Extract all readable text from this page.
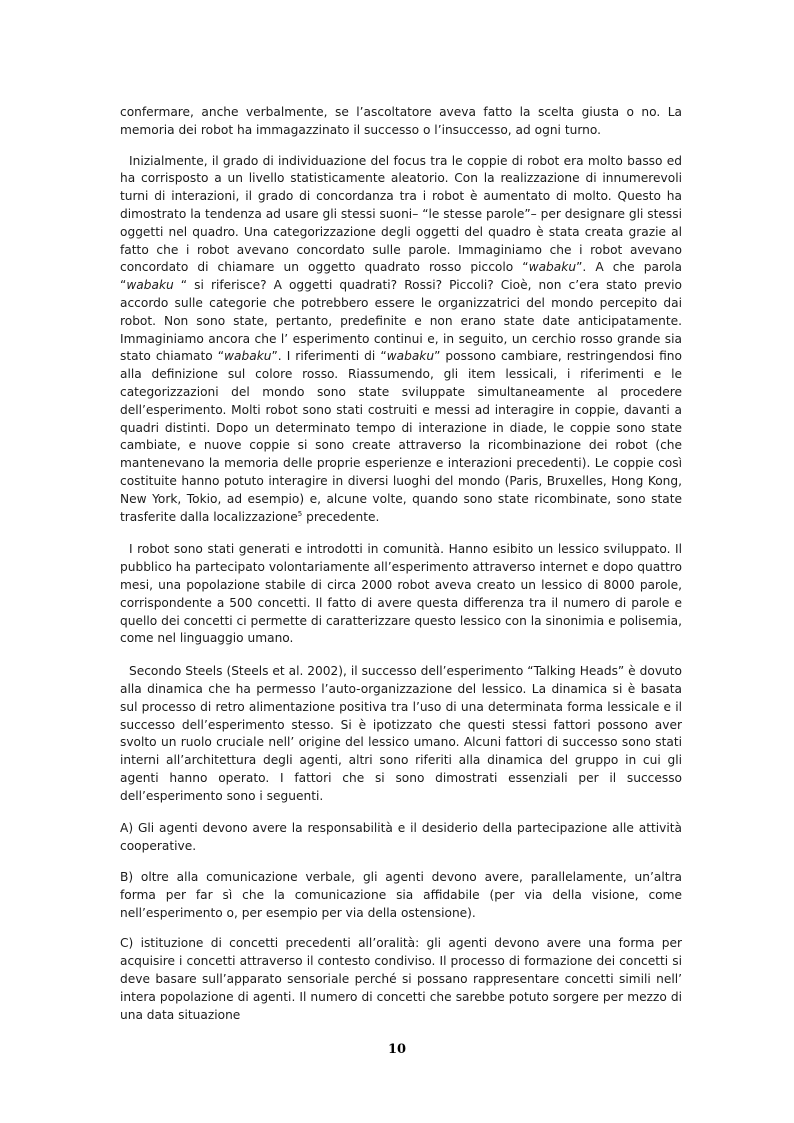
confermare, anche verbalmente, se l’ascoltatore aveva fatto la scelta giusta o no. La memoria dei robot ha immagazzinato il successo o l’insuccesso, ad ogni turno.

Inizialmente, il grado di individuazione del focus tra le coppie di robot era molto basso ed ha corrisposto a un livello statisticamente aleatorio. Con la realizzazione di innumerevoli turni di interazioni, il grado di concordanza tra i robot è aumentato di molto. Questo ha dimostrato la tendenza ad usare gli stessi suoni– “le stesse parole”– per designare gli stessi oggetti nel quadro. Una categorizzazione degli oggetti del quadro è stata creata grazie al fatto che i robot avevano concordato sulle parole. Immaginiamo che i robot avevano concordato di chiamare un oggetto quadrato rosso piccolo “wabaku”. A che parola “wabaku “ si riferisce? A oggetti quadrati? Rossi? Piccoli? Cioè, non c’era stato previo accordo sulle categorie che potrebbero essere le organizzatrici del mondo percepito dai robot. Non sono state, pertanto, predefinite e non erano state date anticipatamente. Immaginiamo ancora che l’ esperimento continui e, in seguito, un cerchio rosso grande sia stato chiamato “wabaku”. I riferimenti di “wabaku” possono cambiare, restringendosi fino alla definizione sul colore rosso. Riassumendo, gli item lessicali, i riferimenti e le categorizzazioni del mondo sono state sviluppate simultaneamente al procedere dell’esperimento. Molti robot sono stati costruiti e messi ad interagire in coppie, davanti a quadri distinti. Dopo un determinato tempo di interazione in diade, le coppie sono state cambiate, e nuove coppie si sono create attraverso la ricombinazione dei robot (che mantenevano la memoria delle proprie esperienze e interazioni precedenti). Le coppie così costituite hanno potuto interagire in diversi luoghi del mondo (Paris, Bruxelles, Hong Kong, New York, Tokio, ad esempio) e, alcune volte, quando sono state ricombinate, sono state trasferite dalla localizzazione$^5$ precedente.

I robot sono stati generati e introdotti in comunità. Hanno esibito un lessico sviluppato. Il pubblico ha partecipato volontariamente all’esperimento attraverso internet e dopo quattro mesi, una popolazione stabile di circa 2000 robot aveva creato un lessico di 8000 parole, corrispondente a 500 concetti. Il fatto di avere questa differenza tra il numero di parole e quello dei concetti ci permette di caratterizzare questo lessico con la sinonimia e polisemia, come nel linguaggio umano.

Secondo Steels (Steels et al. 2002), il successo dell’esperimento “Talking Heads” è dovuto alla dinamica che ha permesso l’auto-organizzazione del lessico. La dinamica si è basata sul processo di retro alimentazione positiva tra l’uso di una determinata forma lessicale e il successo dell’esperimento stesso. Si è ipotizzato che questi stessi fattori possono aver svolto un ruolo cruciale nell’ origine del lessico umano. Alcuni fattori di successo sono stati interni all’architettura degli agenti, altri sono riferiti alla dinamica del gruppo in cui gli agenti hanno operato. I fattori che si sono dimostrati essenziali per il successo dell’esperimento sono i seguenti.

A) Gli agenti devono avere la responsabilità e il desiderio della partecipazione alle attività cooperative.

B) oltre alla comunicazione verbale, gli agenti devono avere, parallelamente, un’altra forma per far sì che la comunicazione sia affidabile (per via della visione, come nell’esperimento o, per esempio per via della ostensione).

C) istituzione di concetti precedenti all’oralità: gli agenti devono avere una forma per acquisire i concetti attraverso il contesto condiviso. Il processo di formazione dei concetti si deve basare sull’apparato sensoriale perché si possano rappresentare concetti simili nell’ intera popolazione di agenti. Il numero di concetti che sarebbe potuto sorgere per mezzo di una data situazione

10
